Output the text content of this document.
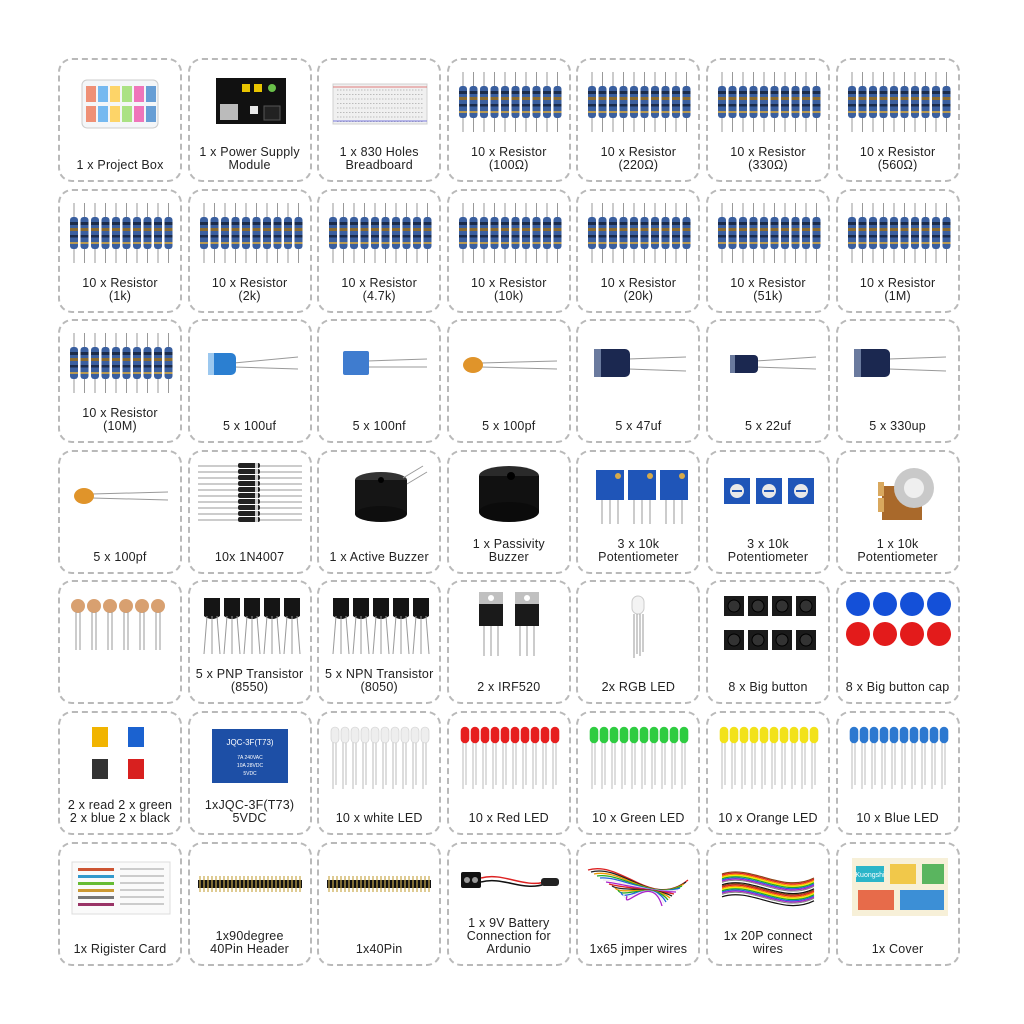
1 x Project Box
1 x Power Supply
Module
1 x 830 Holes
Breadboard
10 x Resistor
(100Ω)
10 x Resistor
(220Ω)
10 x Resistor
(330Ω)
10 x Resistor
(560Ω)
10 x Resistor
(1k)
10 x Resistor
(2k)
10 x Resistor
(4.7k)
10 x Resistor
(10k)
10 x Resistor
(20k)
10 x Resistor
(51k)
10 x Resistor
(1M)
10 x Resistor
(10M)	5 x 100uf	5 x 100nf	5 x 100pf	5 x 47uf	5 x 22uf	5 x 330up
5 x 100pf	10x 1N4007	1 x Active Buzzer
1 x Passivity
Buzzer
3 x 10k
Potentiometer
3 x 10k
Potentiometer
1 x 10k
Potentiometer
5 x PNP Transistor
(8550)
5 x NPN Transistor
(8050)	2 x IRF520	2x RGB LED	8 x Big button	8 x Big button cap
2 x read 2 x green
2 x blue 2 x black
JQC-3F(T73)
7A 240VAC
10A 28VDC
5VDC
1xJQC-3F(T73)
5VDC	10 x white LED	10 x Red LED	10 x Green LED	10 x Orange LED	10 x Blue LED
1x Rigister Card
1x90degree
40Pin Header	1x40Pin
1 x 9V Battery
Connection for
Ardunio	1x65 jmper wires
1x 20P connect
wires
Kuongshi
1x Cover
